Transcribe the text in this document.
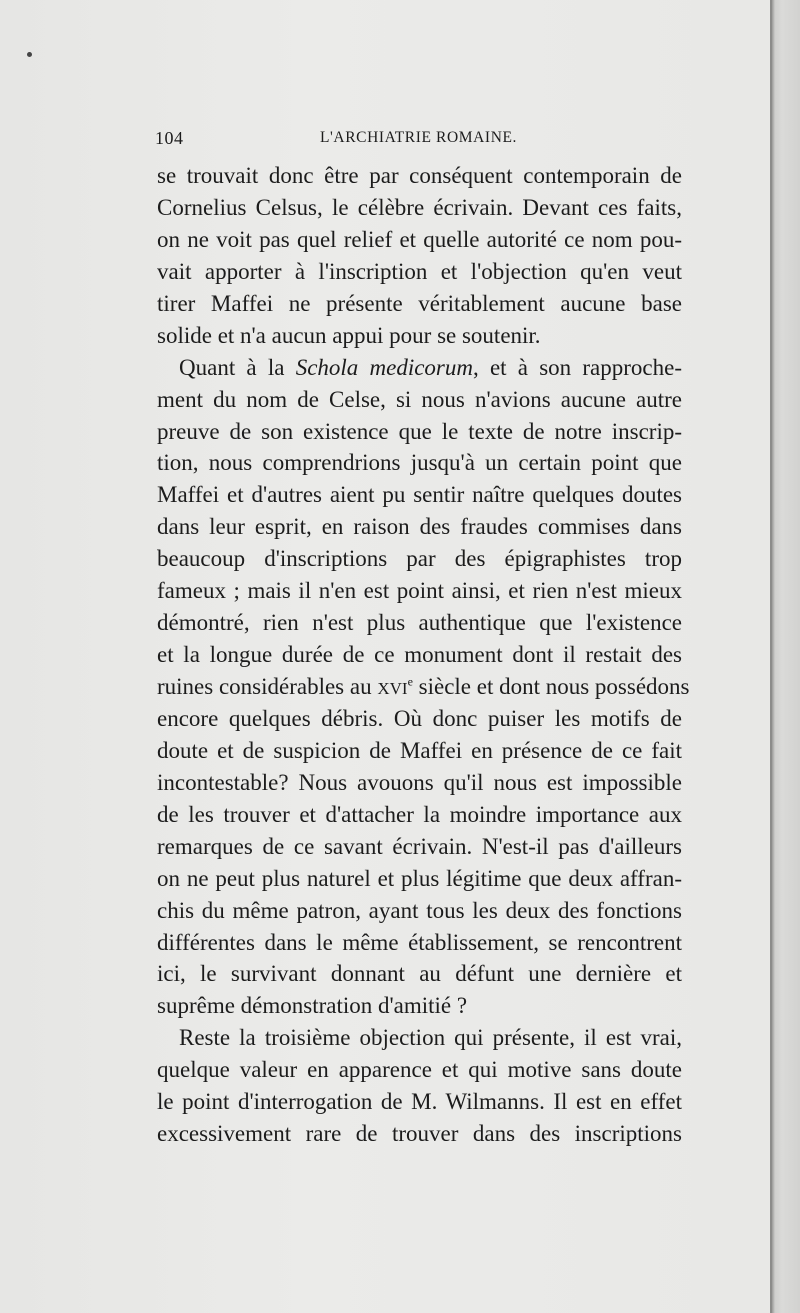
104	L'ARCHIATRIE ROMAINE.
se trouvait donc être par conséquent contemporain de
Cornelius Celsus, le célèbre écrivain. Devant ces faits,
on ne voit pas quel relief et quelle autorité ce nom pou-
vait apporter à l'inscription et l'objection qu'en veut
tirer Maffei ne présente véritablement aucune base
solide et n'a aucun appui pour se soutenir.
Quant à la Schola medicorum, et à son rapproche-
ment du nom de Celse, si nous n'avions aucune autre
preuve de son existence que le texte de notre inscrip-
tion, nous comprendrions jusqu'à un certain point que
Maffei et d'autres aient pu sentir naître quelques doutes
dans leur esprit, en raison des fraudes commises dans
beaucoup d'inscriptions par des épigraphistes trop
fameux ; mais il n'en est point ainsi, et rien n'est mieux
démontré, rien n'est plus authentique que l'existence
et la longue durée de ce monument dont il restait des
ruines considérables au XVIe siècle et dont nous possédons
encore quelques débris. Où donc puiser les motifs de
doute et de suspicion de Maffei en présence de ce fait
incontestable? Nous avouons qu'il nous est impossible
de les trouver et d'attacher la moindre importance aux
remarques de ce savant écrivain. N'est-il pas d'ailleurs
on ne peut plus naturel et plus légitime que deux affran-
chis du même patron, ayant tous les deux des fonctions
différentes dans le même établissement, se rencontrent
ici, le survivant donnant au défunt une dernière et
suprême démonstration d'amitié ?
Reste la troisième objection qui présente, il est vrai,
quelque valeur en apparence et qui motive sans doute
le point d'interrogation de M. Wilmanns. Il est en effet
excessivement rare de trouver dans des inscriptions
